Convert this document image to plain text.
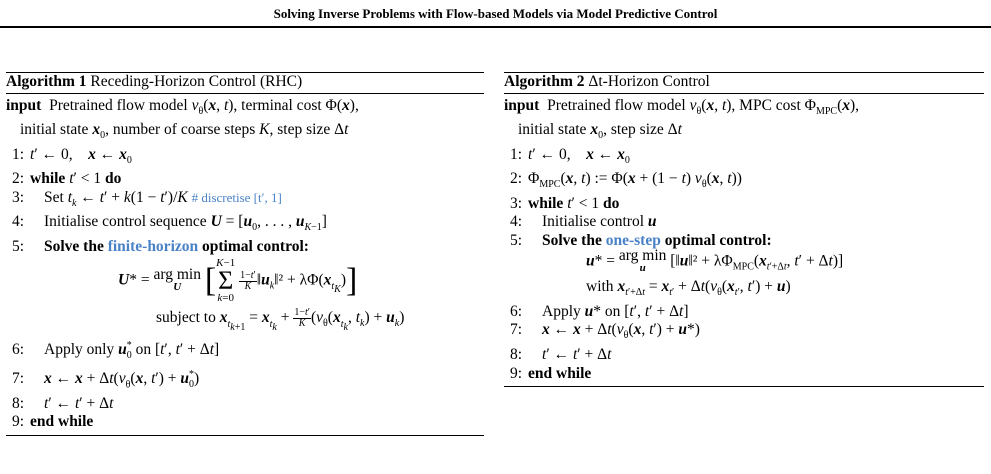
Solving Inverse Problems with Flow-based Models via Model Predictive Control
Algorithm 1 Receding-Horizon Control (RHC)
input  Pretrained flow model $v_\theta(x$, t), terminal cost Φ(x),
initial state $x_0$, number of coarse steps K, step size Δt
1: t′ ← 0,    x ← $x_0$
2: while t′ < 1 do
3: Set $t_k$ ← t′ + k(1 − t′)/K # discretise [t′, 1]
4: Initialise control sequence $U = [u_0$, . . . , $u_{K-1}$]
5: Solve the finite-horizon optimal control:
U* = arg min
U [K−1
Σ
k=0
$\frac{1-t'}{K}$ $‖u_k‖^2 + \lambda\Phi(x_{t_K})$]
subject to $x_{t_{k+1}} = x_{t_k} + \frac{1-t'}{K} (v_\theta(x_{t_k}$, $t_k) + u_k$)
6: Apply only $u^*_0$ on [t′, t′ + Δt]
7: x ← $x + \Delta t(v_\theta(x$, $t') + u^*_0$)
8: t′ ← t′ + Δt
9: end while
Algorithm 2 Δt-Horizon Control
input  Pretrained flow model $v_\theta(x$, t), MPC cost $\Phi_{MPC}(x)$,
initial state $x_0$, step size Δt
1: t′ ← 0,    x ← $x_0$
2: $\Phi_{MPC}(x$, t) := Φ(x + (1 − t) $v_\theta(x$, t))
3: while t′ < 1 do
4: Initialise control u
5: Solve the one-step optimal control:
u* = arg min
u	[‖u‖² + $\lambda\Phi_{MPC}(x_{t'+\Delta t}$, t′ + Δt)]
with $x_{t'+\Delta t} = x_{t'} + \Delta t(v_\theta(x_{t'}$, t′) + u)
6: Apply u* on [t′, t′ + Δt]
7: x ← $x + \Delta t(v_\theta(x$, t′) + u*)
8: t′ ← t′ + Δt
9: end while
